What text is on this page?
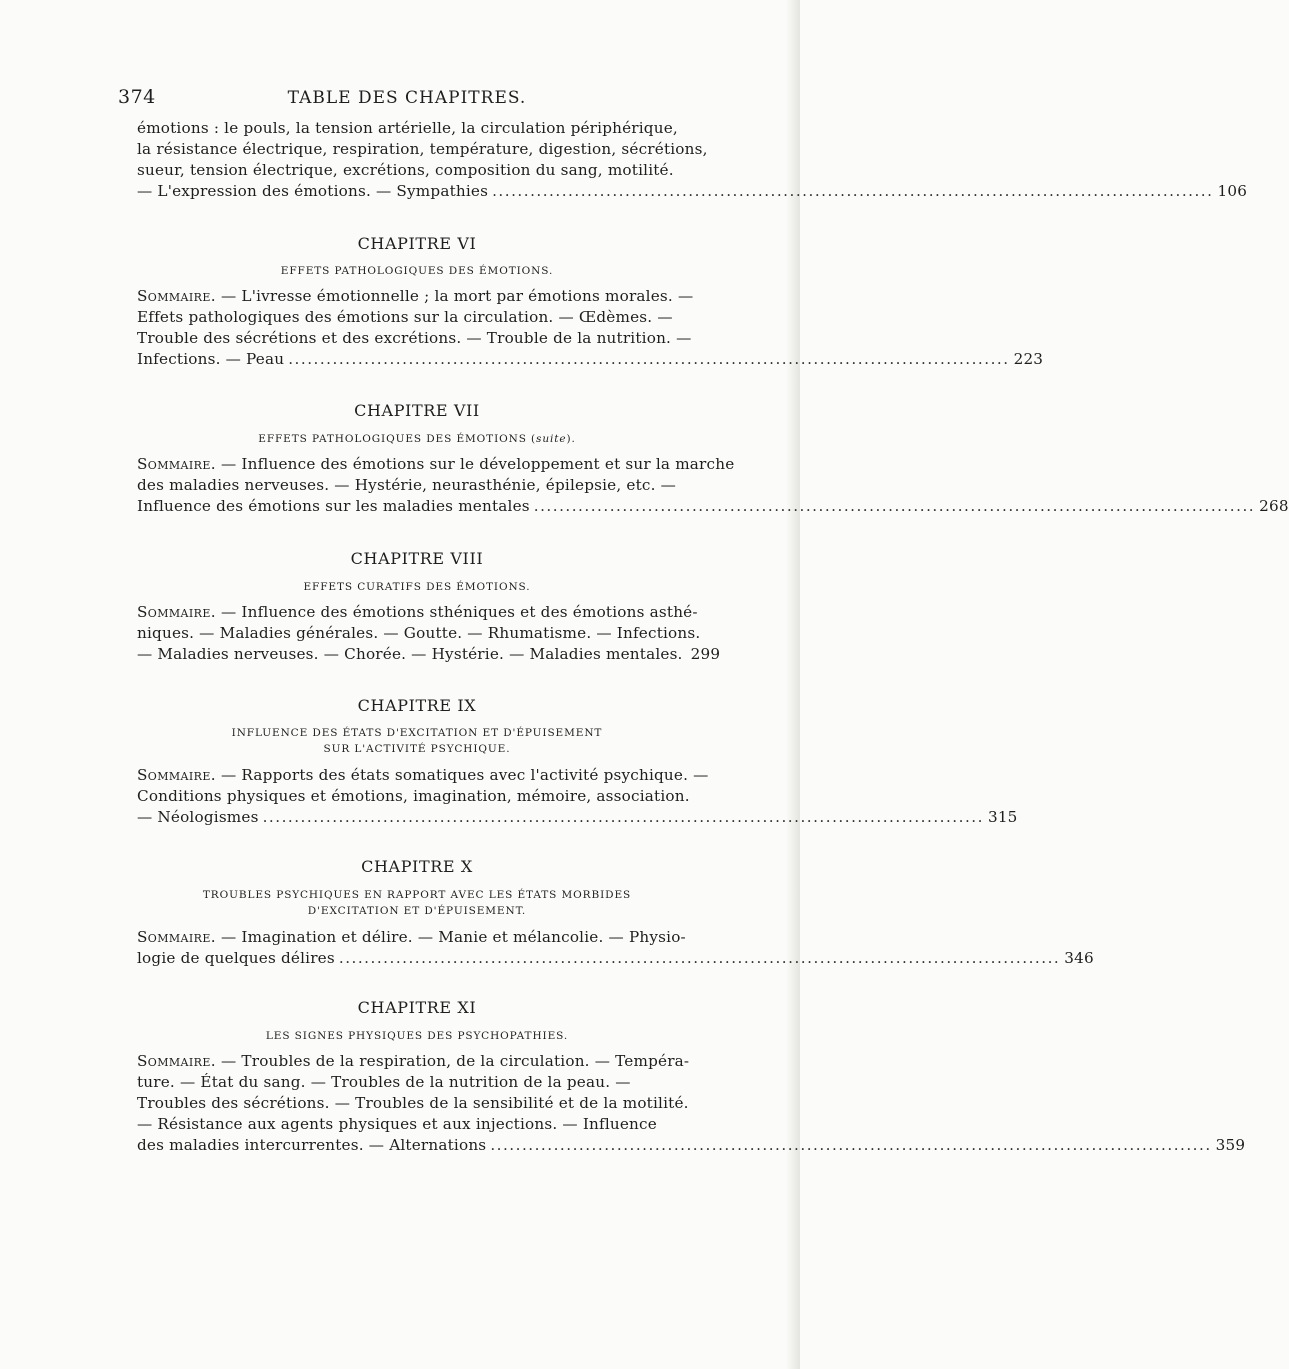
374	TABLE DES CHAPITRES.
émotions : le pouls, la tension artérielle, la circulation périphérique,
la résistance électrique, respiration, température, digestion, sécrétions,
sueur, tension électrique, excrétions, composition du sang, motilité.
— L'expression des émotions. — Sympathies .................................................................................................................. 106
CHAPITRE VI
EFFETS PATHOLOGIQUES DES ÉMOTIONS.
Sommaire. — L'ivresse émotionnelle ; la mort par émotions morales. —
Effets pathologiques des émotions sur la circulation. — Œdèmes. —
Trouble des sécrétions et des excrétions. — Trouble de la nutrition. —
Infections. — Peau .................................................................................................................. 223
CHAPITRE VII
EFFETS PATHOLOGIQUES DES ÉMOTIONS (suite).
Sommaire. — Influence des émotions sur le développement et sur la marche
des maladies nerveuses. — Hystérie, neurasthénie, épilepsie, etc. —
Influence des émotions sur les maladies mentales .................................................................................................................. 268
CHAPITRE VIII
EFFETS CURATIFS DES ÉMOTIONS.
Sommaire. — Influence des émotions sthéniques et des émotions asthé-
niques. — Maladies générales. — Goutte. — Rhumatisme. — Infections.
— Maladies nerveuses. — Chorée. — Hystérie. — Maladies mentales. 299
CHAPITRE IX
INFLUENCE DES ÉTATS D'EXCITATION ET D'ÉPUISEMENT
SUR L'ACTIVITÉ PSYCHIQUE.
Sommaire. — Rapports des états somatiques avec l'activité psychique. —
Conditions physiques et émotions, imagination, mémoire, association.
— Néologismes .................................................................................................................. 315
CHAPITRE X
TROUBLES PSYCHIQUES EN RAPPORT AVEC LES ÉTATS MORBIDES
D'EXCITATION ET D'ÉPUISEMENT.
Sommaire. — Imagination et délire. — Manie et mélancolie. — Physio-
logie de quelques délires .................................................................................................................. 346
CHAPITRE XI
LES SIGNES PHYSIQUES DES PSYCHOPATHIES.
Sommaire. — Troubles de la respiration, de la circulation. — Tempéra-
ture. — État du sang. — Troubles de la nutrition de la peau. —
Troubles des sécrétions. — Troubles de la sensibilité et de la motilité.
— Résistance aux agents physiques et aux injections. — Influence
des maladies intercurrentes. — Alternations .................................................................................................................. 359
